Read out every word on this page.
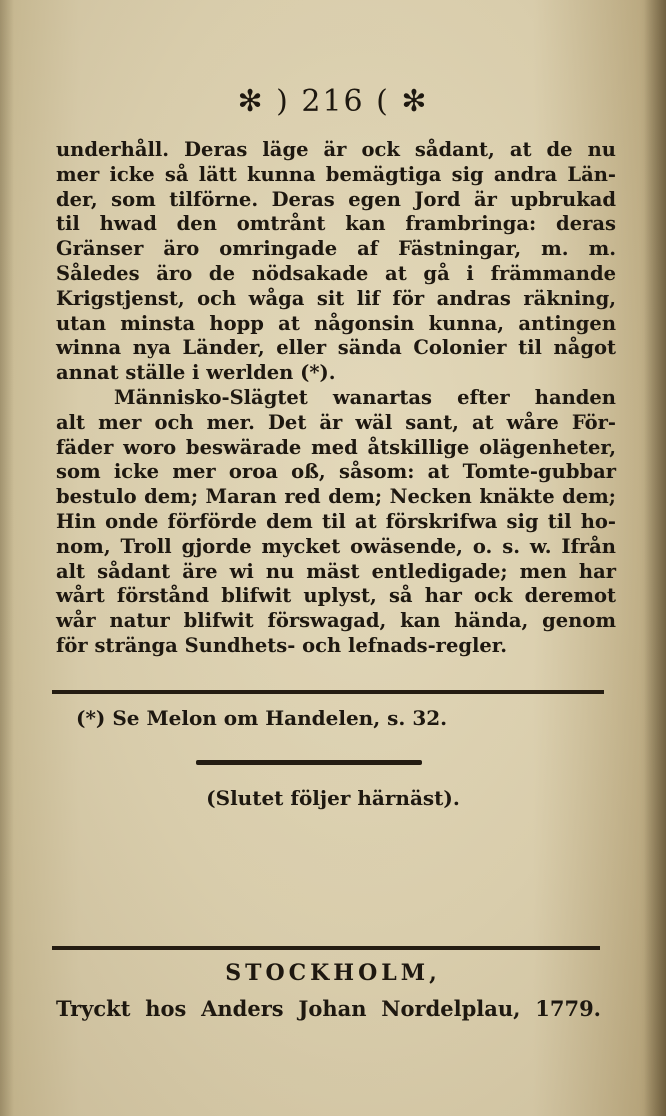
✻ ) 216 ( ✻
underhåll. Deras läge är ock sådant, at de nu
mer icke så lätt kunna bemägtiga sig andra Län-
der, som tilförne. Deras egen Jord är upbrukad
til hwad den omtrånt kan frambringa: deras
Gränser äro omringade af Fästningar, m. m.
Således äro de nödsakade at gå i främmande
Krigstjenst, och wåga sit lif för andras räkning,
utan minsta hopp at någonsin kunna, antingen
winna nya Länder, eller sända Colonier til något
annat ställe i werlden (*).
Människo-Slägtet wanartas efter handen
alt mer och mer. Det är wäl sant, at wåre För-
fäder woro beswärade med åtskillige olägenheter,
som icke mer oroa oß, såsom: at Tomte-gubbar
bestulo dem; Maran red dem; Necken knäkte dem;
Hin onde förförde dem til at förskrifwa sig til ho-
nom, Troll gjorde mycket owäsende, o. s. w. Ifrån
alt sådant äre wi nu mäst entledigade; men har
wårt förstånd blifwit uplyst, så har ock deremot
wår natur blifwit förswagad, kan hända, genom
för stränga Sundhets- och lefnads-regler.
(*) Se Melon om Handelen, s. 32.
(Slutet följer härnäst).
STOCKHOLM,
Tryckt hos Anders Johan Nordelplau, 1779.
